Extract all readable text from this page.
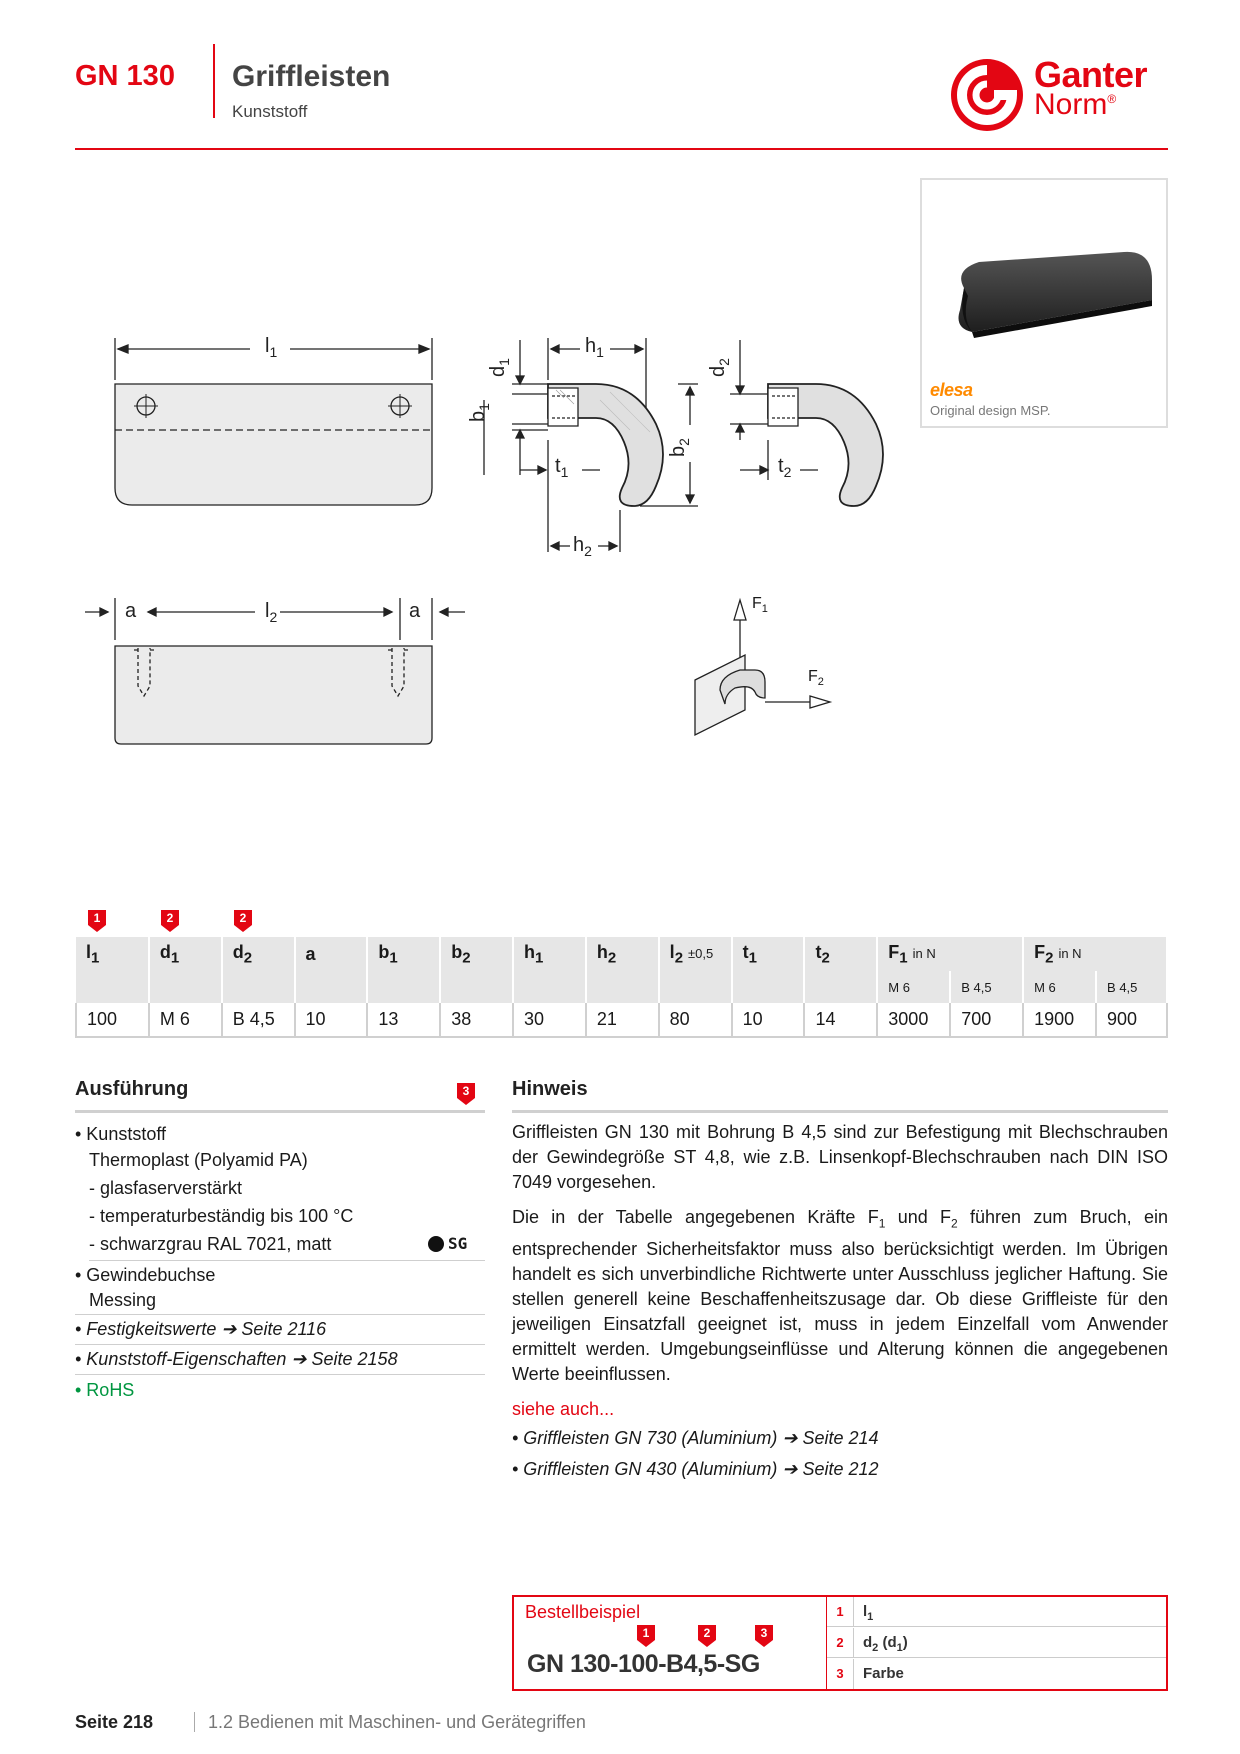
GN 130 Griffleisten
Kunststoff
Ganter
Norm®
elesa
Original design MSP.
$l_1$
a	$l_2$	a
$h_1$
$h_2$
$d_1$
$d_2$
$b_1$
$b_2$
$t_1$	$t_2$
$F_1$
$F_2$
1	2	2
$l_1$	$d_1$	$d_2$	a	$b_1$	$b_2$	$h_1$	$h_2$	$l_2 \pm 0,5$	$t_1$	$t_2$	$F_1$ in N		$F_2$ in N	
											M 6	B 4,5	M 6	B 4,5
100	M 6	B 4,5	10	13	38	30	21	80	10	14	3000	700	1900	900
Ausführung	3
• Kunststoff
Thermoplast (Polyamid PA)
- glasfaserverstärkt
- temperaturbeständig bis 100 °C
- schwarzgrau RAL 7021, matt	SG
• Gewindebuchse
Messing
• Festigkeitswerte ➔ Seite 2116
• Kunststoff-Eigenschaften ➔ Seite 2158
• RoHS
Hinweis

Griffleisten GN 130 mit Bohrung B 4,5 sind zur Befestigung mit Blechschrauben der Gewindegröße ST 4,8, wie z.B. Linsenkopf-Blechschrauben nach DIN ISO 7049 vorgesehen.

Die in der Tabelle angegebenen Kräfte $F_1$ und $F_2$ führen zum Bruch, ein entsprechender Sicherheitsfaktor muss also berücksichtigt werden. Im Übrigen handelt es sich unverbindliche Richtwerte unter Ausschluss jeglicher Haftung. Sie stellen generell keine Beschaffenheitszusage dar. Ob diese Griffleiste für den jeweiligen Einsatzfall geeignet ist, muss in jedem Einzelfall vom Anwender ermittelt werden. Umgebungseinflüsse und Alterung können die angegebenen Werte beeinflussen.

siehe auch...
• Griffleisten GN 730 (Aluminium) ➔ Seite 214
• Griffleisten GN 430 (Aluminium) ➔ Seite 212
Bestellbeispiel
1	2	3
GN 130-100-B4,5-SG
1	$l_1$
2	$d_2$ $(d_1)$
3	Farbe
Seite 218	1.2 Bedienen mit Maschinen- und Gerätegriffen
